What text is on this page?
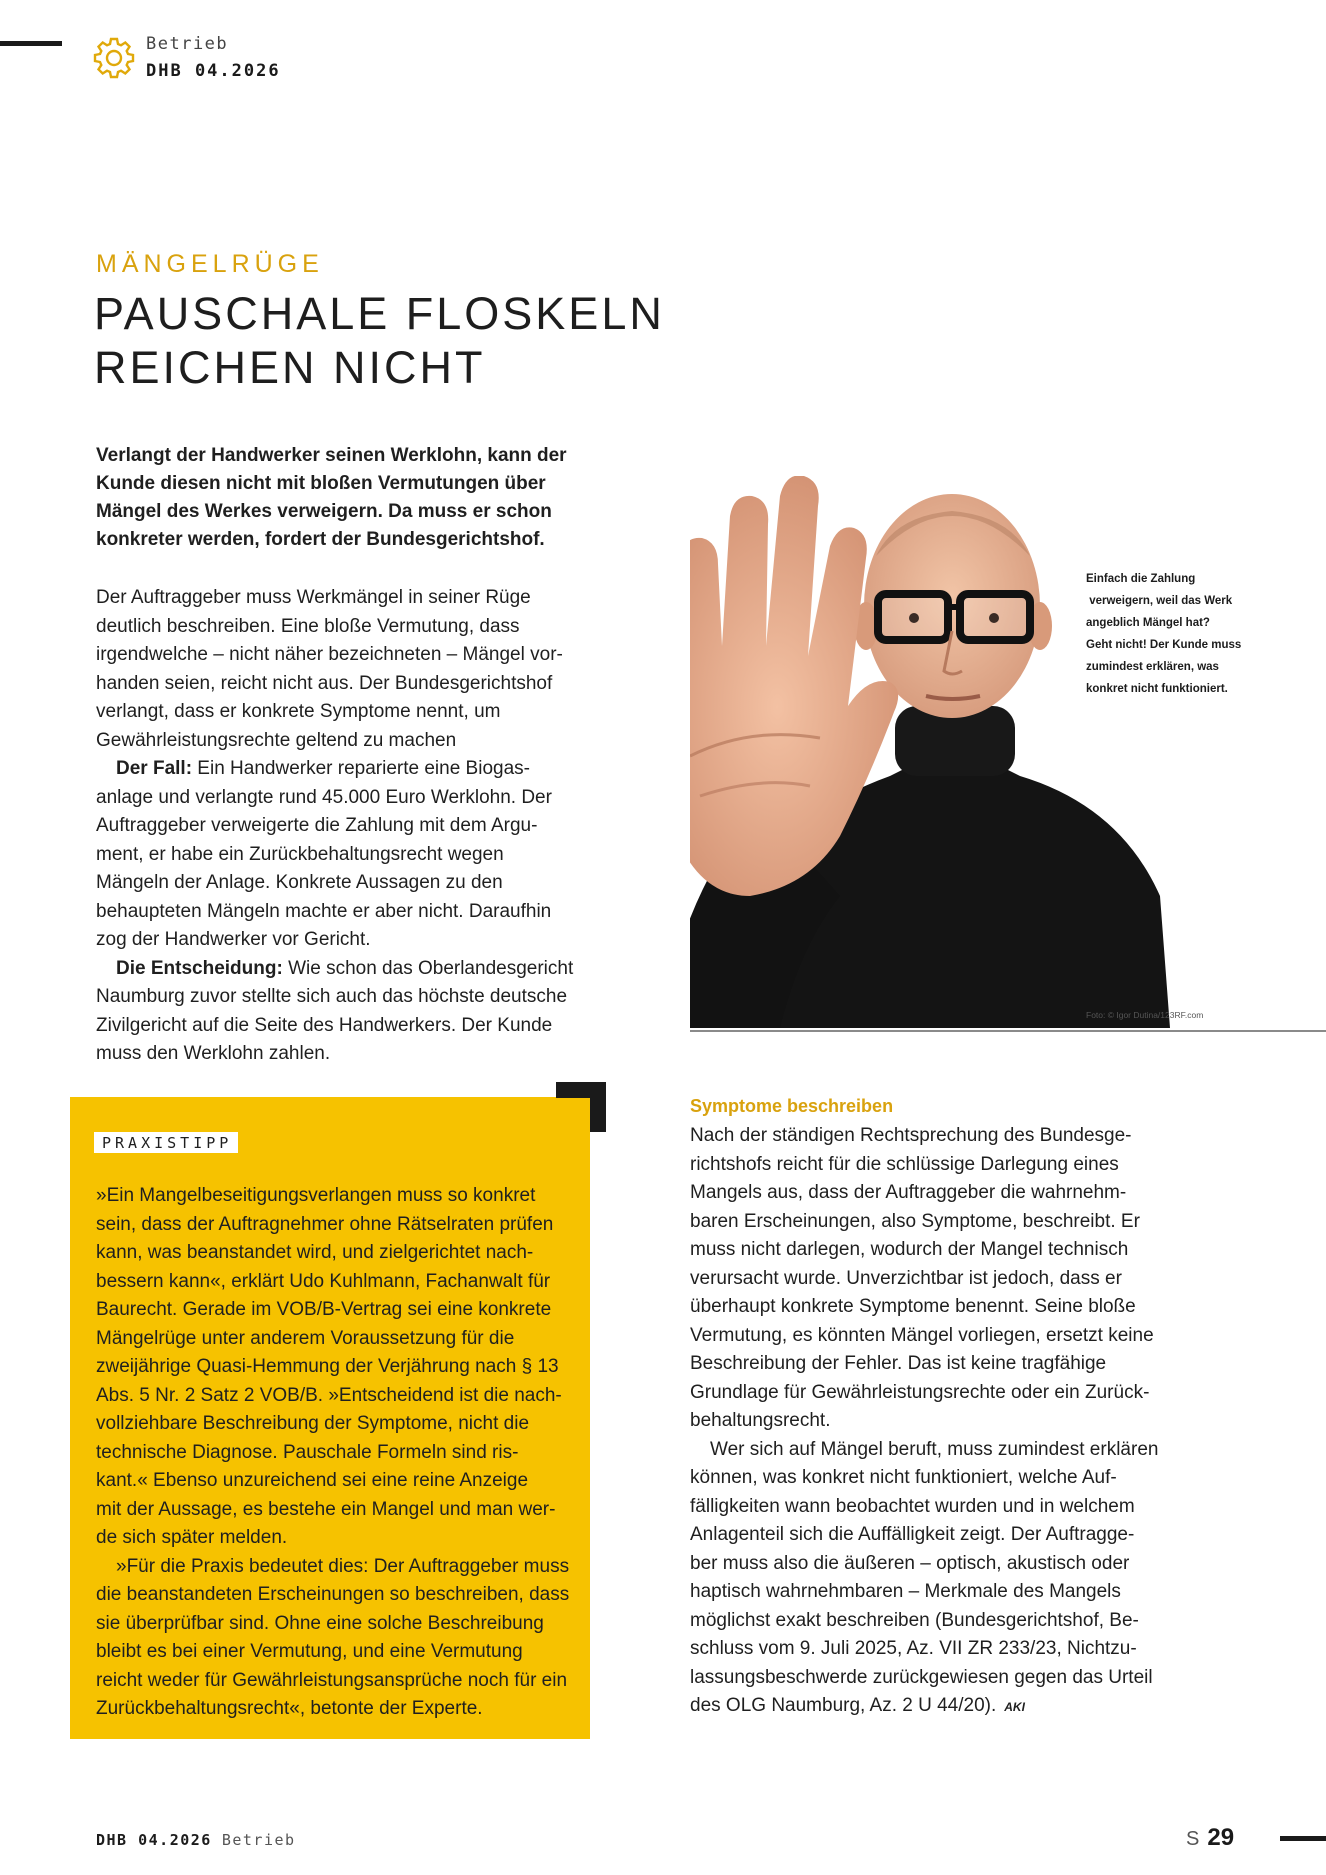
Betrieb
DHB 04.2026
MÄNGELRÜGE
PAUSCHALE FLOSKELN
REICHEN NICHT
Verlangt der Handwerker seinen Werklohn, kann der
Kunde diesen nicht mit bloßen Vermutungen über
Mängel des Werkes verweigern. Da muss er schon
konkreter werden, fordert der Bundesgerichtshof.
Der Auftraggeber muss Werkmängel in seiner Rüge
deutlich beschreiben. Eine bloße Vermutung, dass
irgendwelche – nicht näher bezeichneten – Mängel vor-
handen seien, reicht nicht aus. Der Bundesgerichtshof
verlangt, dass er konkrete Symptome nennt, um
Gewährleistungsrechte geltend zu machen
Der Fall: Ein Handwerker reparierte eine Biogas-
anlage und verlangte rund 45.000 Euro Werklohn. Der
Auftraggeber verweigerte die Zahlung mit dem Argu-
ment, er habe ein Zurückbehaltungsrecht wegen
Mängeln der Anlage. Konkrete Aussagen zu den
behaupteten Mängeln machte er aber nicht. Daraufhin
zog der Handwerker vor Gericht.
Die Entscheidung: Wie schon das Oberlandesgericht
Naumburg zuvor stellte sich auch das höchste deutsche
Zivilgericht auf die Seite des Handwerkers. Der Kunde
muss den Werklohn zahlen.
Einfach die Zahlung
verweigern, weil das Werk
angeblich Mängel hat?
Geht nicht! Der Kunde muss
zumindest erklären, was
konkret nicht funktioniert.
Foto: © Igor Dutina/123RF.com
PRAXISTIPP
»Ein Mangelbeseitigungsverlangen muss so konkret
sein, dass der Auftragnehmer ohne Rätselraten prüfen
kann, was beanstandet wird, und zielgerichtet nach-
bessern kann«, erklärt Udo Kuhlmann, Fachanwalt für
Baurecht. Gerade im VOB/B-Vertrag sei eine konkrete
Mängelrüge unter anderem Voraussetzung für die
zweijährige Quasi-Hemmung der Verjährung nach § 13
Abs. 5 Nr. 2 Satz 2 VOB/B. »Entscheidend ist die nach-
vollziehbare Beschreibung der Symptome, nicht die
technische Diagnose. Pauschale Formeln sind ris-
kant.« Ebenso unzureichend sei eine reine Anzeige
mit der Aussage, es bestehe ein Mangel und man wer-
de sich später melden.
»Für die Praxis bedeutet dies: Der Auftraggeber muss
die beanstandeten Erscheinungen so beschreiben, dass
sie überprüfbar sind. Ohne eine solche Beschreibung
bleibt es bei einer Vermutung, und eine Vermutung
reicht weder für Gewährleistungsansprüche noch für ein
Zurückbehaltungsrecht«, betonte der Experte.
Symptome beschreiben
Nach der ständigen Rechtsprechung des Bundesge-
richtshofs reicht für die schlüssige Darlegung eines
Mangels aus, dass der Auftraggeber die wahrnehm-
baren Erscheinungen, also Symptome, beschreibt. Er
muss nicht darlegen, wodurch der Mangel technisch
verursacht wurde. Unverzichtbar ist jedoch, dass er
überhaupt konkrete Symptome benennt. Seine bloße
Vermutung, es könnten Mängel vorliegen, ersetzt keine
Beschreibung der Fehler. Das ist keine tragfähige
Grundlage für Gewährleistungsrechte oder ein Zurück-
behaltungsrecht.
Wer sich auf Mängel beruft, muss zumindest erklären
können, was konkret nicht funktioniert, welche Auf-
fälligkeiten wann beobachtet wurden und in welchem
Anlagenteil sich die Auffälligkeit zeigt. Der Auftragge-
ber muss also die äußeren – optisch, akustisch oder
haptisch wahrnehmbaren – Merkmale des Mangels
möglichst exakt beschreiben (Bundesgerichtshof, Be-
schluss vom 9. Juli 2025, Az. VII ZR 233/23, Nichtzu-
lassungsbeschwerde zurückgewiesen gegen das Urteil
des OLG Naumburg, Az. 2 U 44/20). AKI
DHB 04.2026 Betrieb	S 29
